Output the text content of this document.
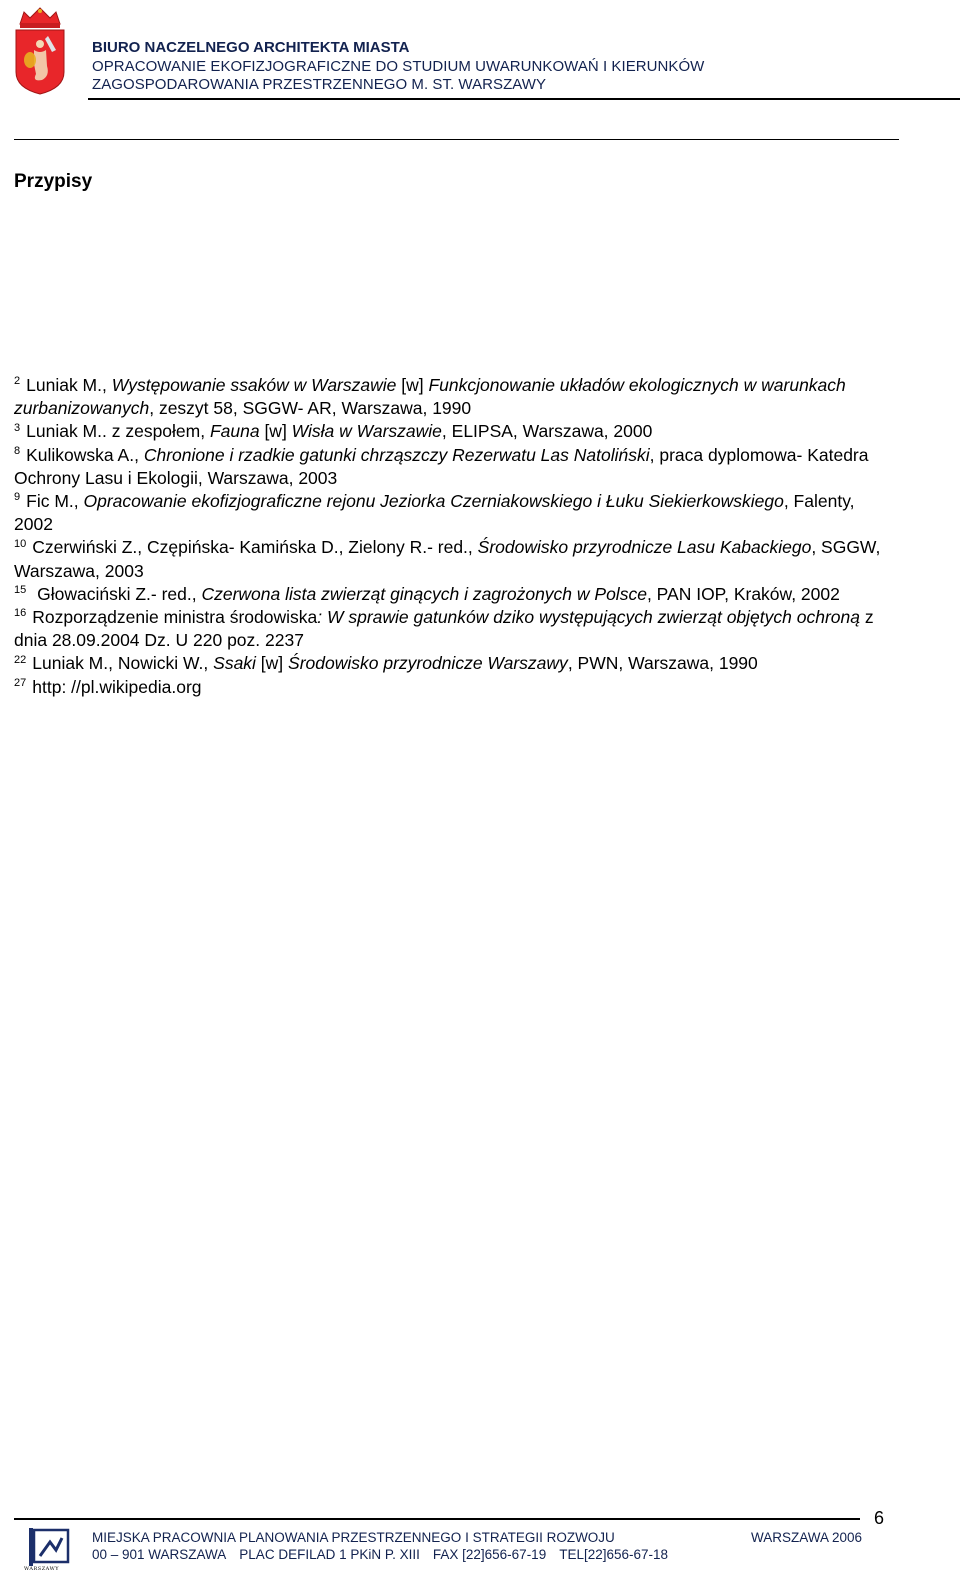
BIURO NACZELNEGO ARCHITEKTA MIASTA
OPRACOWANIE EKOFIZJOGRAFICZNE DO STUDIUM UWARUNKOWAŃ I KIERUNKÓW
ZAGOSPODAROWANIA PRZESTRZENNEGO M. ST. WARSZAWY
Przypisy

$^2$ Luniak M., Występowanie ssaków w Warszawie [w] Funkcjonowanie układów ekologicznych w warunkach zurbanizowanych, zeszyt 58, SGGW- AR, Warszawa, 1990

$^3$ Luniak M.. z zespołem, Fauna [w] Wisła w Warszawie, ELIPSA, Warszawa, 2000

$^8$ Kulikowska A., Chronione i rzadkie gatunki chrząszczy Rezerwatu Las Natoliński, praca dyplomowa- Katedra Ochrony Lasu i Ekologii, Warszawa, 2003

$^9$ Fic M., Opracowanie ekofizjograficzne rejonu Jeziorka Czerniakowskiego i Łuku Siekierkowskiego, Falenty, 2002

$^{10}$ Czerwiński Z., Czępińska- Kamińska D., Zielony R.- red., Środowisko przyrodnicze Lasu Kabackiego, SGGW, Warszawa, 2003

$^{15}$ Głowaciński Z.- red., Czerwona lista zwierząt ginących i zagrożonych w Polsce, PAN IOP, Kraków, 2002

$^{16}$ Rozporządzenie ministra środowiska: W sprawie gatunków dziko występujących zwierząt objętych ochroną z dnia 28.09.2004 Dz. U 220 poz. 2237

$^{22}$ Luniak M., Nowicki W., Ssaki [w] Środowisko przyrodnicze Warszawy, PWN, Warszawa, 1990

$^{27}$ http: //pl.wikipedia.org

6
WARSZAWY
MIEJSKA PRACOWNIA PLANOWANIA PRZESTRZENNEGO I STRATEGII ROZWOJU	WARSZAWA 2006
00 – 901 WARSZAWA PLAC DEFILAD 1 PKiN P. XIII FAX [22]656-67-19 TEL[22]656-67-18
